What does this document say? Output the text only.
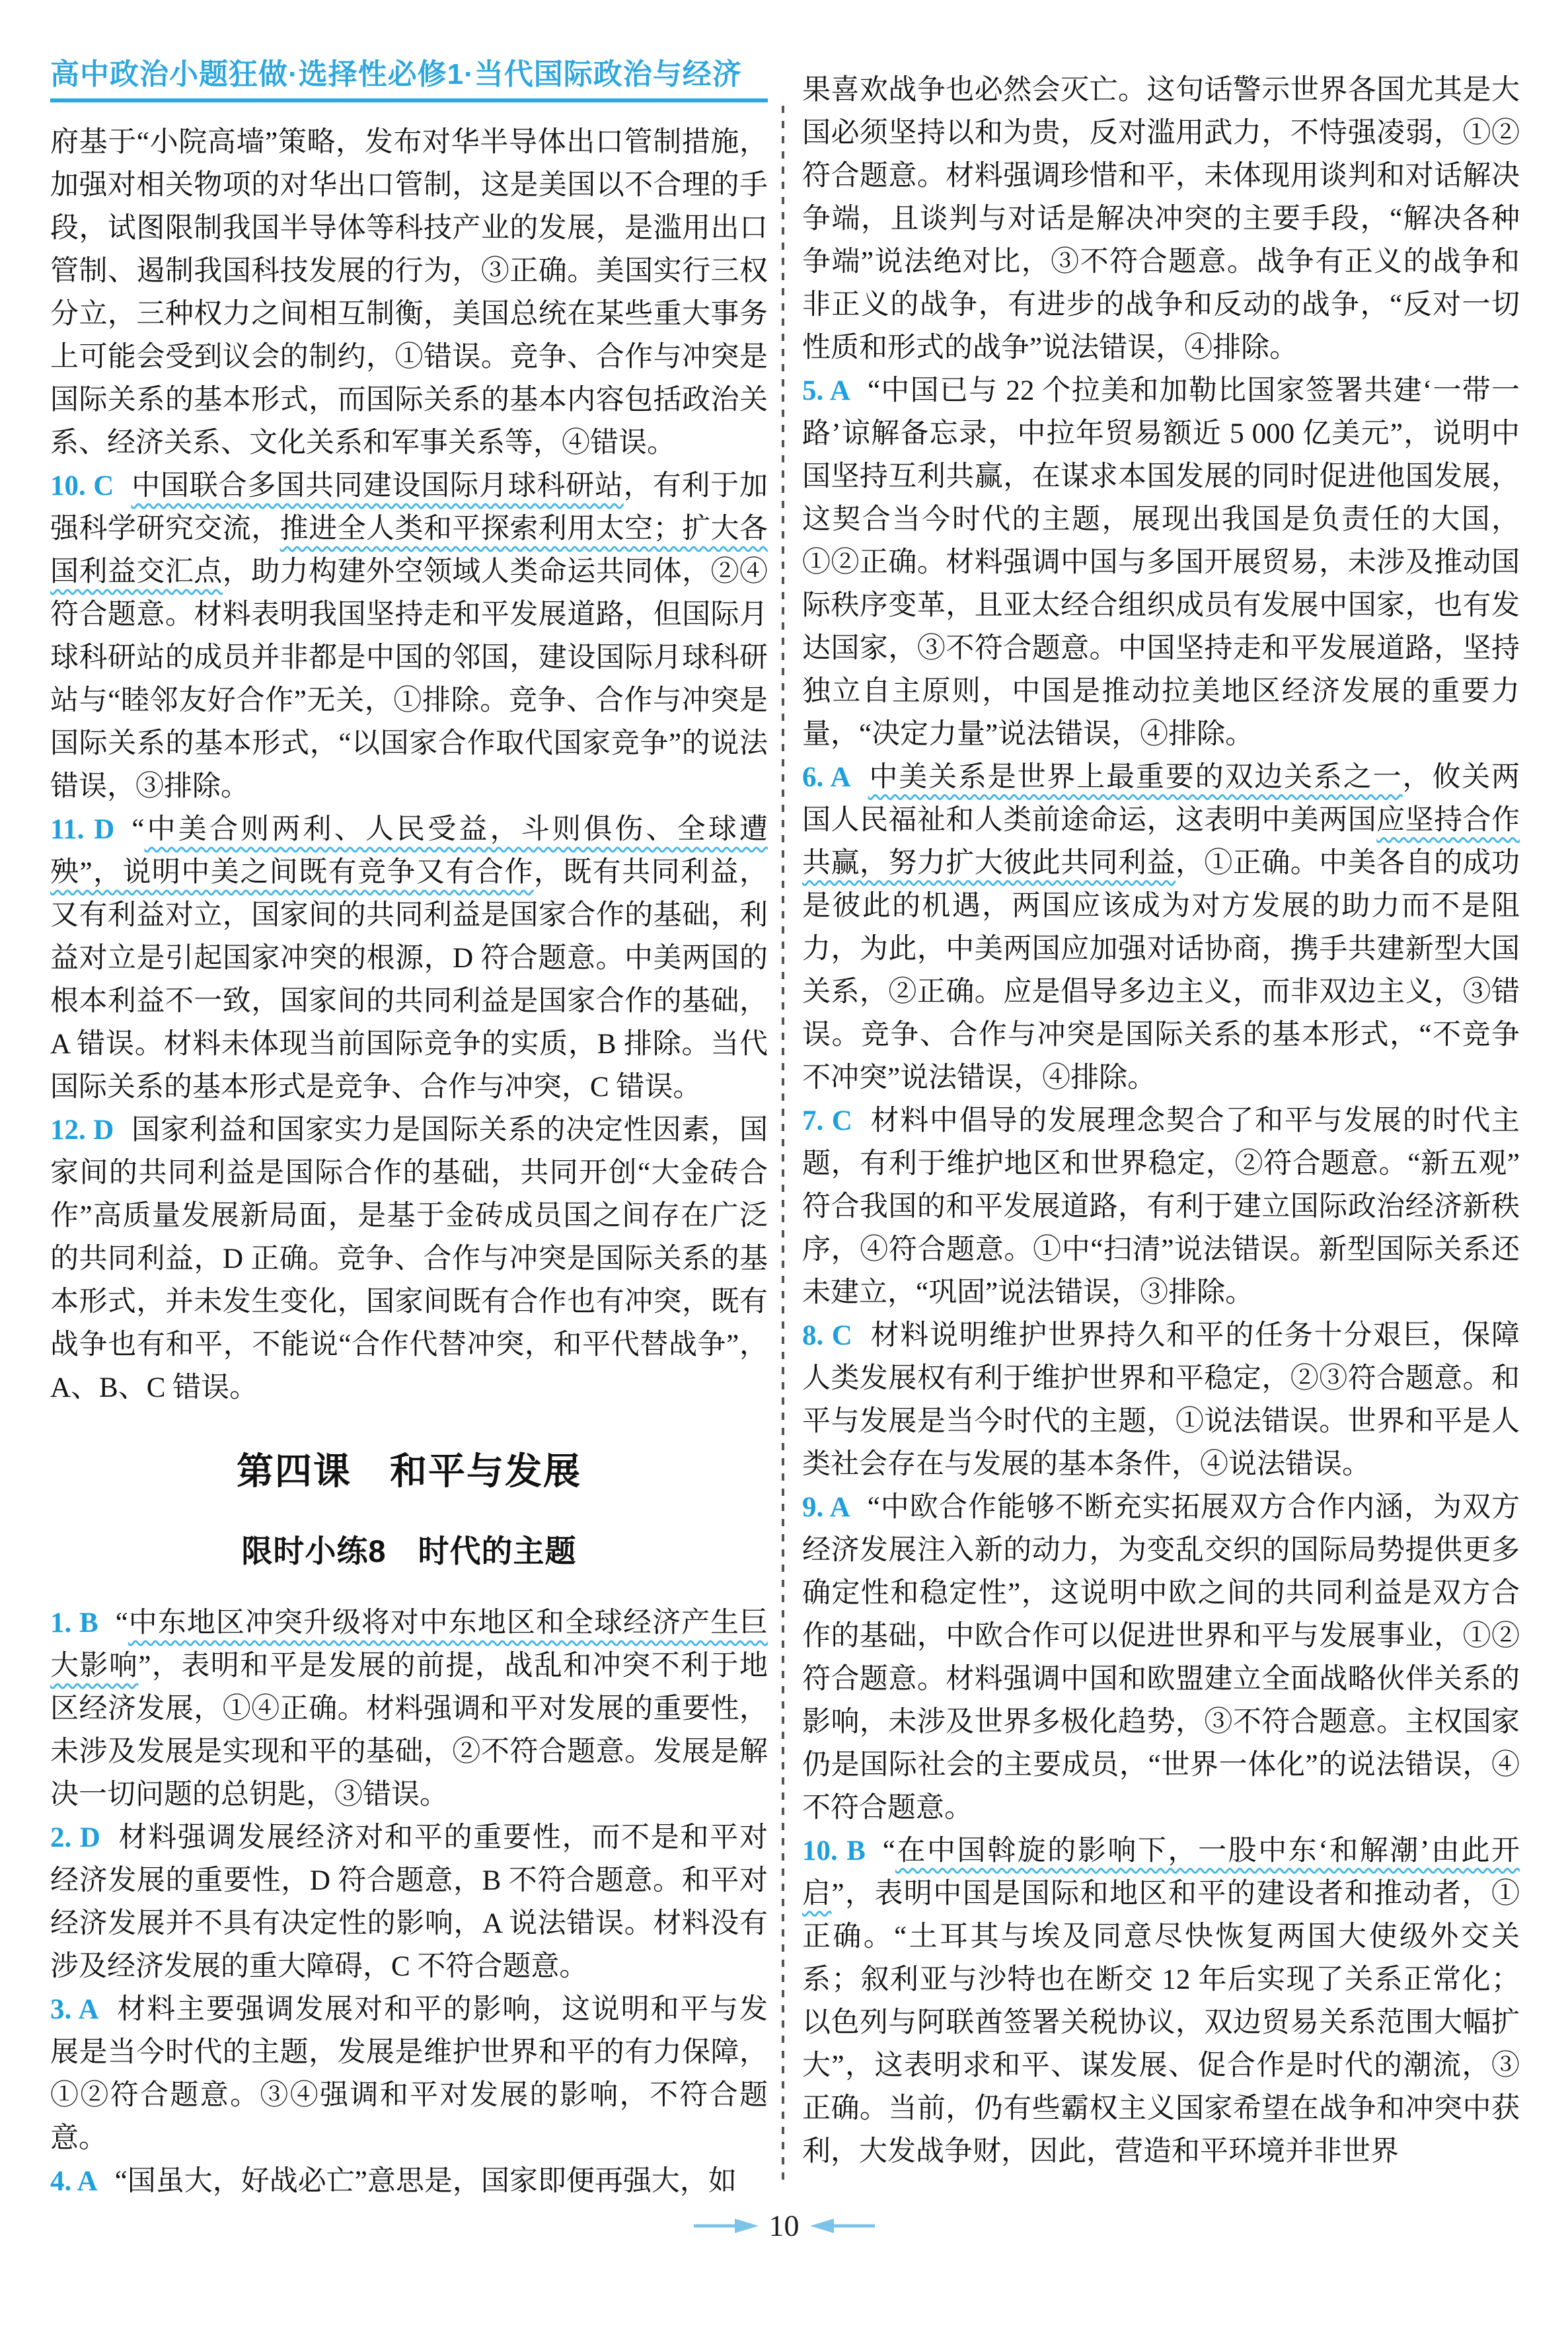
高中政治小题狂做·选择性必修1·当代国际政治与经济

府基于“小院高墙”策略，发布对华半导体出口管制措施，加强对相关物项的对华出口管制，这是美国以不合理的手段，试图限制我国半导体等科技产业的发展，是滥用出口管制、遏制我国科技发展的行为，③正确。美国实行三权分立，三种权力之间相互制衡，美国总统在某些重大事务上可能会受到议会的制约，①错误。竞争、合作与冲突是国际关系的基本形式，而国际关系的基本内容包括政治关系、经济关系、文化关系和军事关系等，④错误。

10. C 中国联合多国共同建设国际月球科研站，有利于加强科学研究交流，推进全人类和平探索利用太空；扩大各国利益交汇点，助力构建外空领域人类命运共同体，②④符合题意。材料表明我国坚持走和平发展道路，但国际月球科研站的成员并非都是中国的邻国，建设国际月球科研站与“睦邻友好合作”无关，①排除。竞争、合作与冲突是国际关系的基本形式，“以国家合作取代国家竞争”的说法错误，③排除。

11. D “中美合则两利、人民受益，斗则俱伤、全球遭殃”，说明中美之间既有竞争又有合作，既有共同利益，又有利益对立，国家间的共同利益是国家合作的基础，利益对立是引起国家冲突的根源，D 符合题意。中美两国的根本利益不一致，国家间的共同利益是国家合作的基础，A 错误。材料未体现当前国际竞争的实质，B 排除。当代国际关系的基本形式是竞争、合作与冲突，C 错误。

12. D 国家利益和国家实力是国际关系的决定性因素，国家间的共同利益是国际合作的基础，共同开创“大金砖合作”高质量发展新局面，是基于金砖成员国之间存在广泛的共同利益，D 正确。竞争、合作与冲突是国际关系的基本形式，并未发生变化，国家间既有合作也有冲突，既有战争也有和平，不能说“合作代替冲突，和平代替战争”，A、B、C 错误。

第四课　和平与发展
限时小练8　时代的主题

1. B “中东地区冲突升级将对中东地区和全球经济产生巨大影响”，表明和平是发展的前提，战乱和冲突不利于地区经济发展，①④正确。材料强调和平对发展的重要性，未涉及发展是实现和平的基础，②不符合题意。发展是解决一切问题的总钥匙，③错误。

2. D 材料强调发展经济对和平的重要性，而不是和平对经济发展的重要性，D 符合题意，B 不符合题意。和平对经济发展并不具有决定性的影响，A 说法错误。材料没有涉及经济发展的重大障碍，C 不符合题意。

3. A 材料主要强调发展对和平的影响，这说明和平与发展是当今时代的主题，发展是维护世界和平的有力保障，①②符合题意。③④强调和平对发展的影响，不符合题意。

4. A “国虽大，好战必亡”意思是，国家即便再强大，如

果喜欢战争也必然会灭亡。这句话警示世界各国尤其是大国必须坚持以和为贵，反对滥用武力，不恃强凌弱，①②符合题意。材料强调珍惜和平，未体现用谈判和对话解决争端，且谈判与对话是解决冲突的主要手段，“解决各种争端”说法绝对比，③不符合题意。战争有正义的战争和非正义的战争，有进步的战争和反动的战争，“反对一切性质和形式的战争”说法错误，④排除。

5. A “中国已与 22 个拉美和加勒比国家签署共建‘一带一路’谅解备忘录，中拉年贸易额近 5 000 亿美元”，说明中国坚持互利共赢，在谋求本国发展的同时促进他国发展，这契合当今时代的主题，展现出我国是负责任的大国，①②正确。材料强调中国与多国开展贸易，未涉及推动国际秩序变革，且亚太经合组织成员有发展中国家，也有发达国家，③不符合题意。中国坚持走和平发展道路，坚持独立自主原则，中国是推动拉美地区经济发展的重要力量，“决定力量”说法错误，④排除。

6. A 中美关系是世界上最重要的双边关系之一，攸关两国人民福祉和人类前途命运，这表明中美两国应坚持合作共赢，努力扩大彼此共同利益，①正确。中美各自的成功是彼此的机遇，两国应该成为对方发展的助力而不是阻力，为此，中美两国应加强对话协商，携手共建新型大国关系，②正确。应是倡导多边主义，而非双边主义，③错误。竞争、合作与冲突是国际关系的基本形式，“不竞争不冲突”说法错误，④排除。

7. C 材料中倡导的发展理念契合了和平与发展的时代主题，有利于维护地区和世界稳定，②符合题意。“新五观”符合我国的和平发展道路，有利于建立国际政治经济新秩序，④符合题意。①中“扫清”说法错误。新型国际关系还未建立，“巩固”说法错误，③排除。

8. C 材料说明维护世界持久和平的任务十分艰巨，保障人类发展权有利于维护世界和平稳定，②③符合题意。和平与发展是当今时代的主题，①说法错误。世界和平是人类社会存在与发展的基本条件，④说法错误。

9. A “中欧合作能够不断充实拓展双方合作内涵，为双方经济发展注入新的动力，为变乱交织的国际局势提供更多确定性和稳定性”，这说明中欧之间的共同利益是双方合作的基础，中欧合作可以促进世界和平与发展事业，①②符合题意。材料强调中国和欧盟建立全面战略伙伴关系的影响，未涉及世界多极化趋势，③不符合题意。主权国家仍是国际社会的主要成员，“世界一体化”的说法错误，④不符合题意。

10. B “在中国斡旋的影响下，一股中东‘和解潮’由此开启”，表明中国是国际和地区和平的建设者和推动者，①正确。“土耳其与埃及同意尽快恢复两国大使级外交关系；叙利亚与沙特也在断交 12 年后实现了关系正常化；以色列与阿联酋签署关税协议，双边贸易关系范围大幅扩大”，这表明求和平、谋发展、促合作是时代的潮流，③正确。当前，仍有些霸权主义国家希望在战争和冲突中获利，大发战争财，因此，营造和平环境并非世界

10
